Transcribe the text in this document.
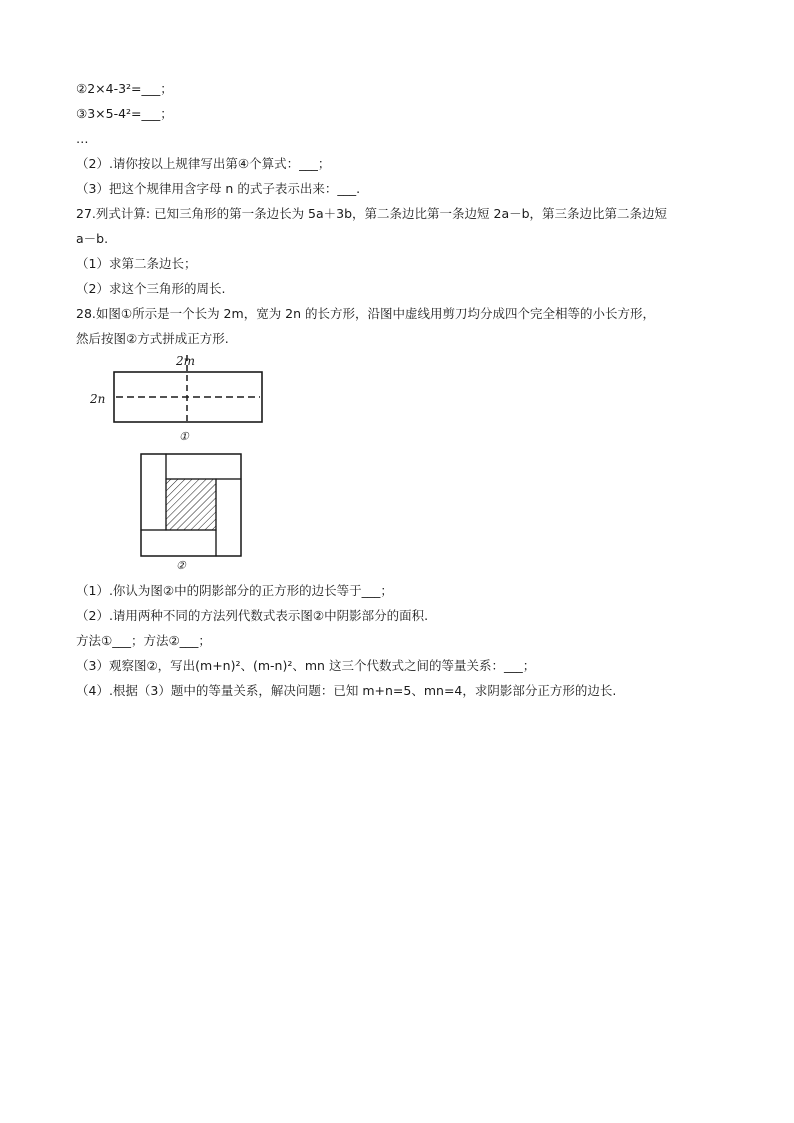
②2×4-3²=___；
③3×5-4²=___；
…
（2）.请你按以上规律写出第④个算式：___；
（3）把这个规律用含字母 n 的式子表示出来：___.
27.列式计算: 已知三角形的第一条边长为 5a＋3b，第二条边比第一条边短 2a－b，第三条边比第二条边短
a－b.
（1）求第二条边长；
（2）求这个三角形的周长.
28.如图①所示是一个长为 2m，宽为 2n 的长方形，沿图中虚线用剪刀均分成四个完全相等的小长方形，
然后按图②方式拼成正方形.
2m
2n
①
②
（1）.你认为图②中的阴影部分的正方形的边长等于___；
（2）.请用两种不同的方法列代数式表示图②中阴影部分的面积.
方法①___；方法②___；
（3）观察图②，写出(m+n)²、(m-n)²、mn 这三个代数式之间的等量关系：___；
（4）.根据（3）题中的等量关系，解决问题：已知 m+n=5、mn=4，求阴影部分正方形的边长.
